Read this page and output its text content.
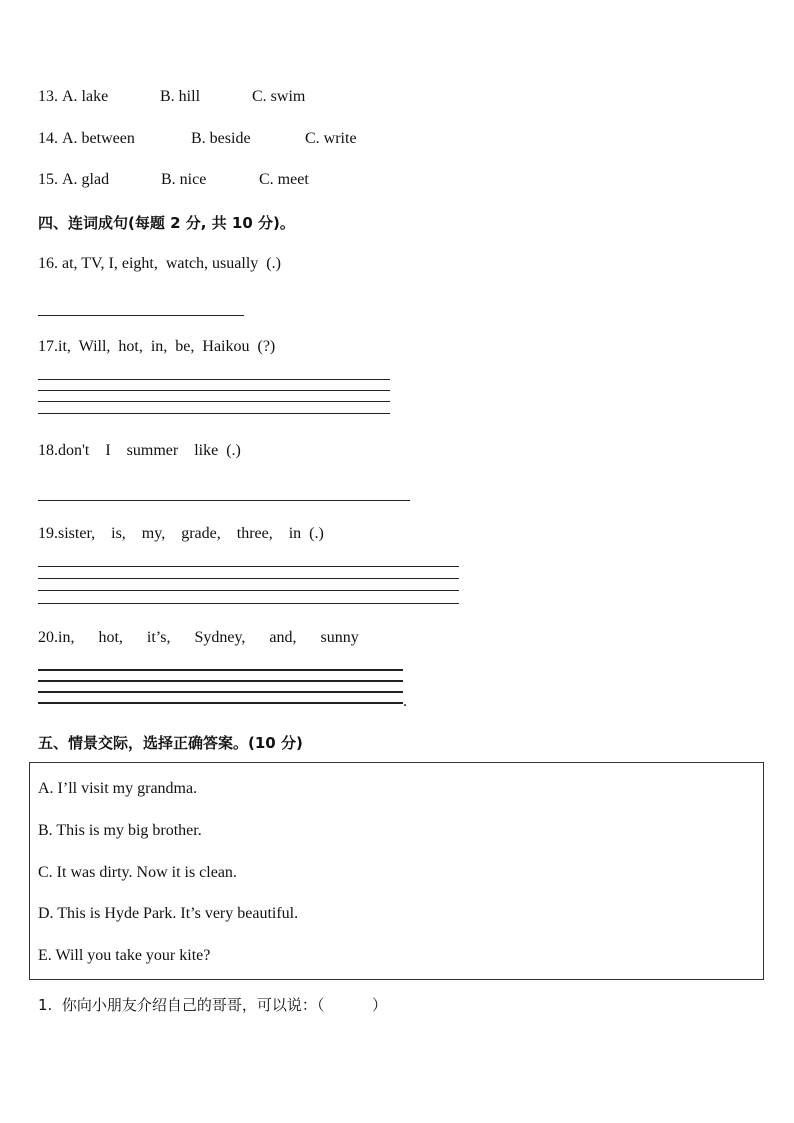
13. A. lake	B. hill	C. swim
14. A. between	B. beside	C. write
15. A. glad	B. nice	C. meet
四、连词成句(每题 2 分, 共 10 分)。
16. at, TV, I, eight,  watch, usually  (.)
17.it,  Will,  hot,  in,  be,  Haikou  (?)
18.don't    I    summer    like  (.)
19.sister,    is,    my,    grade,    three,    in  (.)
20.in,      hot,      it’s,      Sydney,      and,      sunny
.
五、情景交际，选择正确答案。(10 分)
A. I’ll visit my grandma.
B. This is my big brother.
C. It was dirty. Now it is clean.
D. This is Hyde Park. It’s very beautiful.
E. Will you take your kite?
1.  你向小朋友介绍自己的哥哥，可以说：（          ）
